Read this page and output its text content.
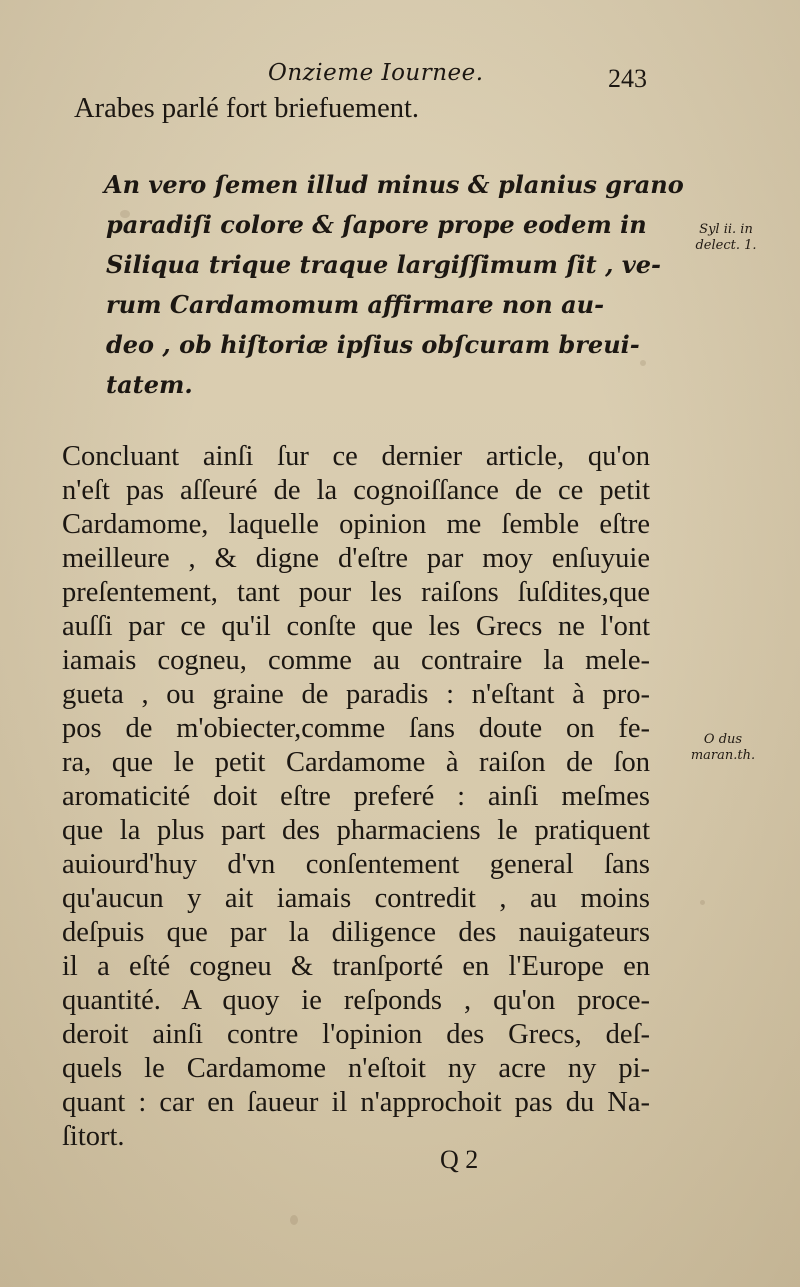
Onzieme Iournee.	243
Arabes parlé fort briefuement.
An vero ſemen illud minus & planius grano
paradiſi colore & ſapore prope eodem in
Siliqua trique traque largiſſimum ſit , ve-
rum Cardamomum affirmare non au-
deo , ob hiſtoriæ ipſius obſcuram breui-
tatem.
Concluant ainſi ſur ce dernier article, qu'on
n'eſt pas aſſeuré de la cognoiſſance de ce petit
Cardamome, laquelle opinion me ſemble eſtre
meilleure , & digne d'eſtre par moy enſuyuie
preſentement, tant pour les raiſons ſuſdites,que
auſſi par ce qu'il conſte que les Grecs ne l'ont
iamais cogneu, comme au contraire la mele-
gueta , ou graine de paradis : n'eſtant à pro-
pos de m'obiecter,comme ſans doute on fe-
ra, que le petit Cardamome à raiſon de ſon
aromaticité doit eſtre preferé : ainſi meſmes
que la plus part des pharmaciens le pratiquent
auiourd'huy d'vn conſentement general ſans
qu'aucun y ait iamais contredit , au moins
deſpuis que par la diligence des nauigateurs
il a eſté cogneu & tranſporté en l'Europe en
quantité. A quoy ie reſponds , qu'on proce-
deroit ainſi contre l'opinion des Grecs, deſ-
quels le Cardamome n'eſtoit ny acre ny pi-
quant : car en ſaueur il n'approchoit pas du Na-
ſitort.
Syl ii. in
delect. 1.
O dus
maran.th.
Q 2
